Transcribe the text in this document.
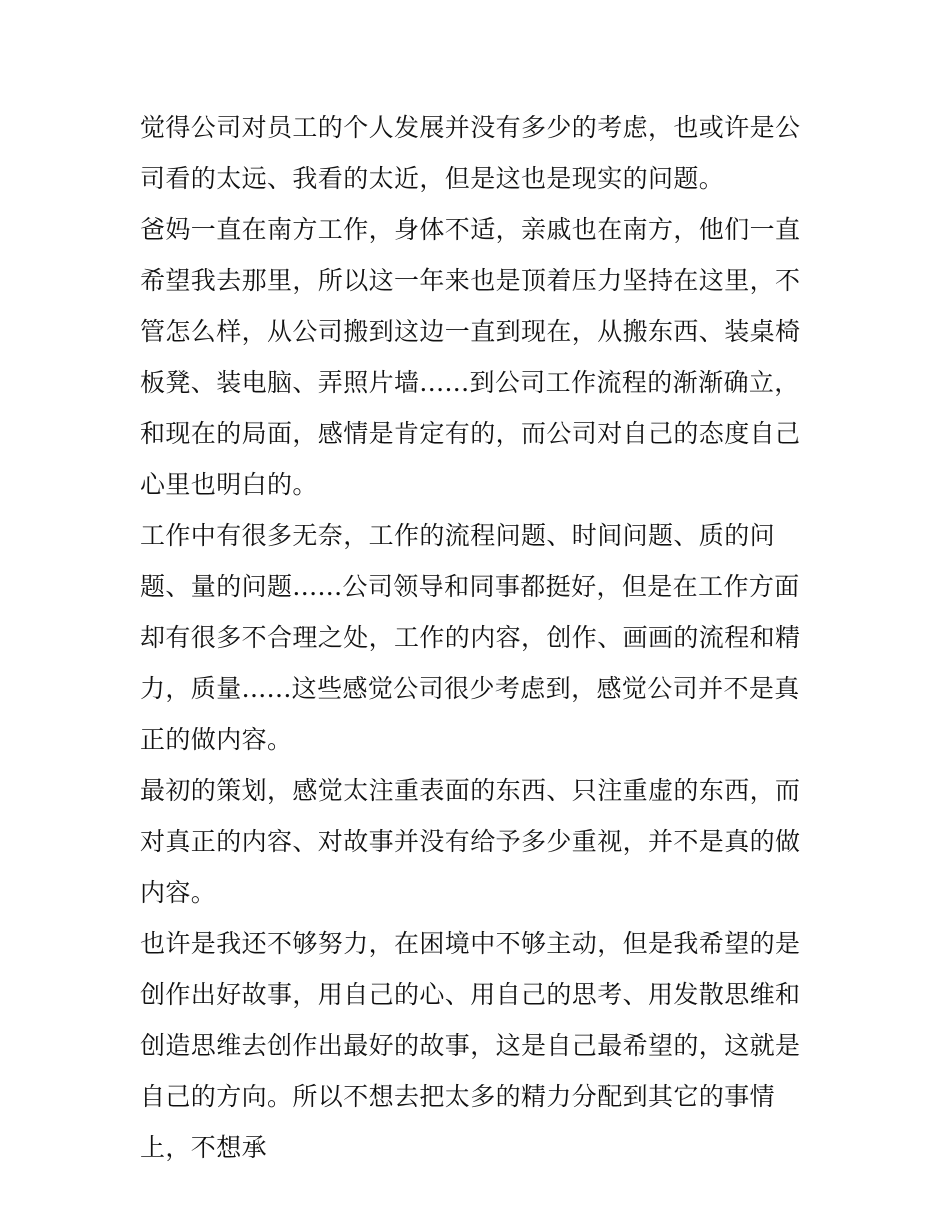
觉得公司对员工的个人发展并没有多少的考虑，也或许是公司看的太远、我看的太近，但是这也是现实的问题。

爸妈一直在南方工作，身体不适，亲戚也在南方，他们一直希望我去那里，所以这一年来也是顶着压力坚持在这里，不管怎么样，从公司搬到这边一直到现在，从搬东西、装桌椅板凳、装电脑、弄照片墙......到公司工作流程的渐渐确立，和现在的局面，感情是肯定有的，而公司对自己的态度自己心里也明白的。

工作中有很多无奈，工作的流程问题、时间问题、质的问题、量的问题......公司领导和同事都挺好，但是在工作方面却有很多不合理之处，工作的内容，创作、画画的流程和精力，质量......这些感觉公司很少考虑到，感觉公司并不是真正的做内容。

最初的策划，感觉太注重表面的东西、只注重虚的东西，而对真正的内容、对故事并没有给予多少重视，并不是真的做内容。

也许是我还不够努力，在困境中不够主动，但是我希望的是创作出好故事，用自己的心、用自己的思考、用发散思维和创造思维去创作出最好的故事，这是自己最希望的，这就是自己的方向。所以不想去把太多的精力分配到其它的事情上，不想承
